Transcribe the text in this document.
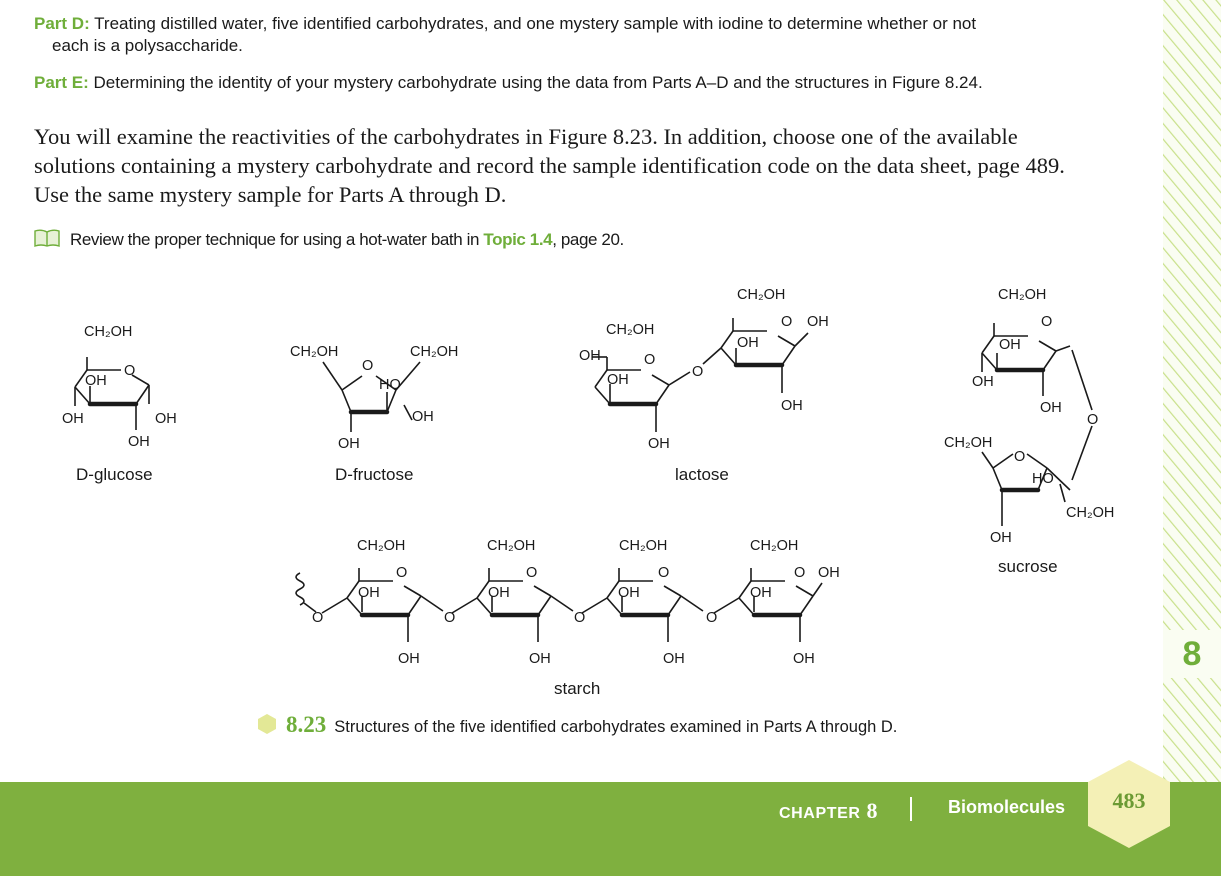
Part D: Treating distilled water, five identified carbohydrates, and one mystery sample with iodine to determine whether or not
each is a polysaccharide.
Part E: Determining the identity of your mystery carbohydrate using the data from Parts A–D and the structures in Figure 8.24.
You will examine the reactivities of the carbohydrates in Figure 8.23. In addition, choose one of the available
solutions containing a mystery carbohydrate and record the sample identification code on the data sheet, page 489.
Use the same mystery sample for Parts A through D.
Review the proper technique for using a hot-water bath in Topic 1.4, page 20.
CH₂OH
O
OH
OH	OH
OH
D-glucose
CH₂OH	CH₂OH
O
HO
OH
OH
D-fructose
CH₂OH
OH	O
OH	O
OH
CH₂OH
O OH
OH
OH
lactose
CH₂OH
O
OH
OH
OH
O
CH₂OH
O
HO
CH₂OH
OH
sucrose
O
CH₂OH
O
OH
OH
O
CH₂OH
O
OH
OH
O
CH₂OH
O
OH
OH
O
CH₂OH
O OH
OH
OH
starch
8.23 Structures of the five identified carbohydrates examined in Parts A through D.
8
CHAPTER 8	Biomolecules	483
